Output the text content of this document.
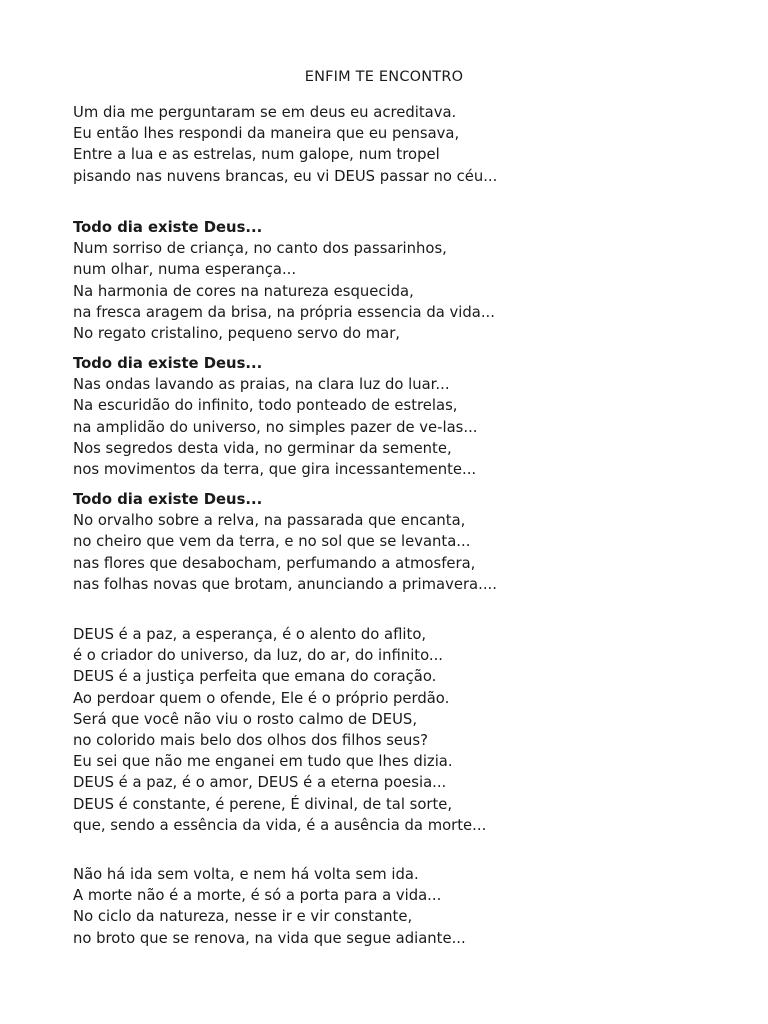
ENFIM TE ENCONTRO
Um dia me perguntaram se em deus eu acreditava.
Eu então lhes respondi da maneira que eu pensava,
Entre a lua e as estrelas, num galope, num tropel
pisando nas nuvens brancas, eu vi DEUS passar no céu...
Todo dia existe Deus...
Num sorriso de criança, no canto dos passarinhos,
num olhar, numa esperança...
Na harmonia de cores na natureza esquecida,
na fresca aragem da brisa, na própria essencia da vida...
No regato cristalino, pequeno servo do mar,
Todo dia existe Deus...
Nas ondas lavando as praias, na clara luz do luar...
Na escuridão do infinito, todo ponteado de estrelas,
na amplidão do universo, no simples pazer de ve-las...
Nos segredos desta vida, no germinar da semente,
nos movimentos da terra, que gira incessantemente...
Todo dia existe Deus...
No orvalho sobre a relva, na passarada que encanta,
no cheiro que vem da terra, e no sol que se levanta...
nas flores que desabocham, perfumando a atmosfera,
nas folhas novas que brotam, anunciando a primavera....
DEUS é a paz, a esperança, é o alento do aflito,
é o criador do universo, da luz, do ar, do infinito...
DEUS é a justiça perfeita que emana do coração.
Ao perdoar quem o ofende, Ele é o próprio perdão.
Será que você não viu o rosto calmo de DEUS,
no colorido mais belo dos olhos dos filhos seus?
Eu sei que não me enganei em tudo que lhes dizia.
DEUS é a paz, é o amor, DEUS é a eterna poesia...
DEUS é constante, é perene, É divinal, de tal sorte,
que, sendo a essência da vida, é a ausência da morte...
Não há ida sem volta, e nem há volta sem ida.
A morte não é a morte, é só a porta para a vida...
No ciclo da natureza, nesse ir e vir constante,
no broto que se renova, na vida que segue adiante...
